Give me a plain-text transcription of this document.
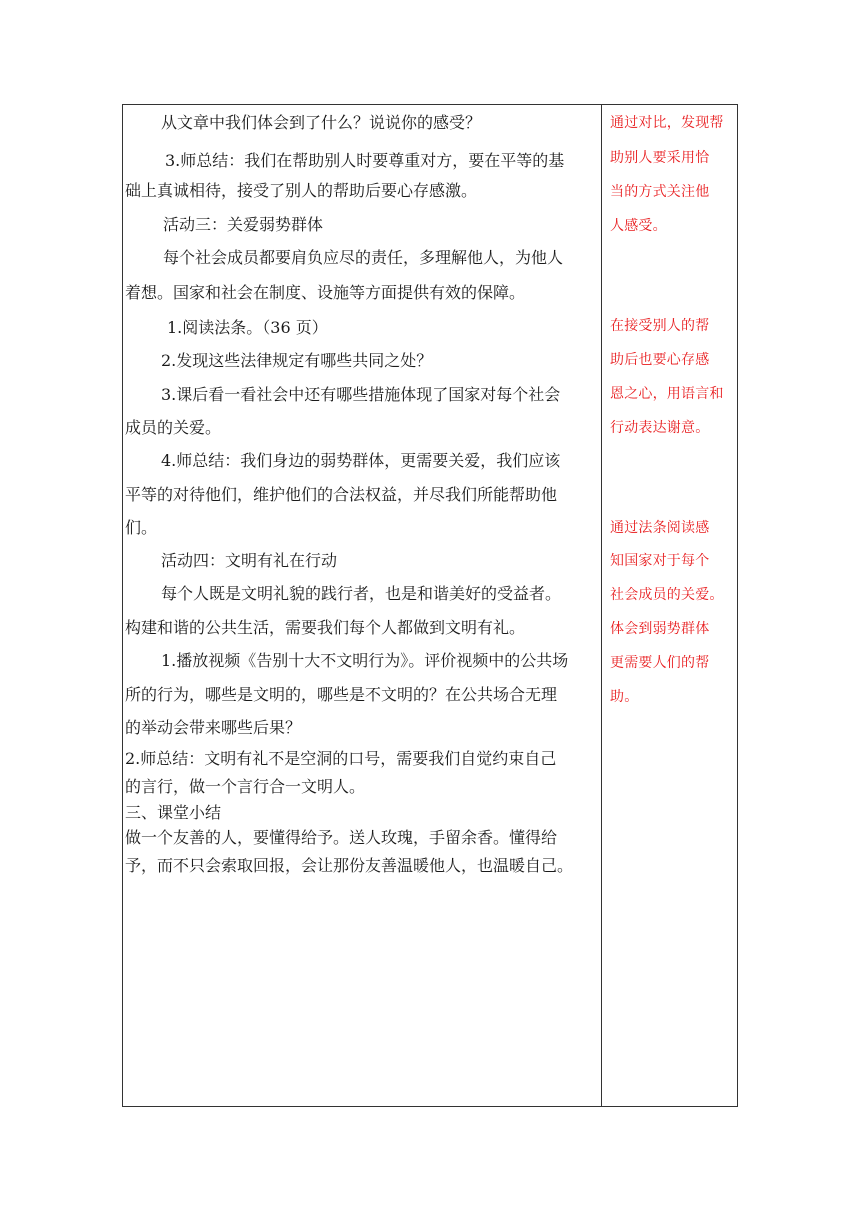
从文章中我们体会到了什么？说说你的感受？
3.师总结：我们在帮助别人时要尊重对方，要在平等的基
础上真诚相待，接受了别人的帮助后要心存感激。
活动三：关爱弱势群体
每个社会成员都要肩负应尽的责任，多理解他人，为他人
着想。国家和社会在制度、设施等方面提供有效的保障。
1.阅读法条。（36 页）
2.发现这些法律规定有哪些共同之处？
3.课后看一看社会中还有哪些措施体现了国家对每个社会
成员的关爱。
4.师总结：我们身边的弱势群体，更需要关爱，我们应该
平等的对待他们，维护他们的合法权益，并尽我们所能帮助他
们。
活动四：文明有礼在行动
每个人既是文明礼貌的践行者，也是和谐美好的受益者。
构建和谐的公共生活，需要我们每个人都做到文明有礼。
1.播放视频《告别十大不文明行为》。评价视频中的公共场
所的行为，哪些是文明的，哪些是不文明的？在公共场合无理
的举动会带来哪些后果？
2.师总结：文明有礼不是空洞的口号，需要我们自觉约束自己
的言行，做一个言行合一文明人。
三、课堂小结
做一个友善的人，要懂得给予。送人玫瑰，手留余香。懂得给
予，而不只会索取回报，会让那份友善温暖他人，也温暖自己。
通过对比，发现帮
助别人要采用恰
当的方式关注他
人感受。
在接受别人的帮
助后也要心存感
恩之心，用语言和
行动表达谢意。
通过法条阅读感
知国家对于每个
社会成员的关爱。
体会到弱势群体
更需要人们的帮
助。
